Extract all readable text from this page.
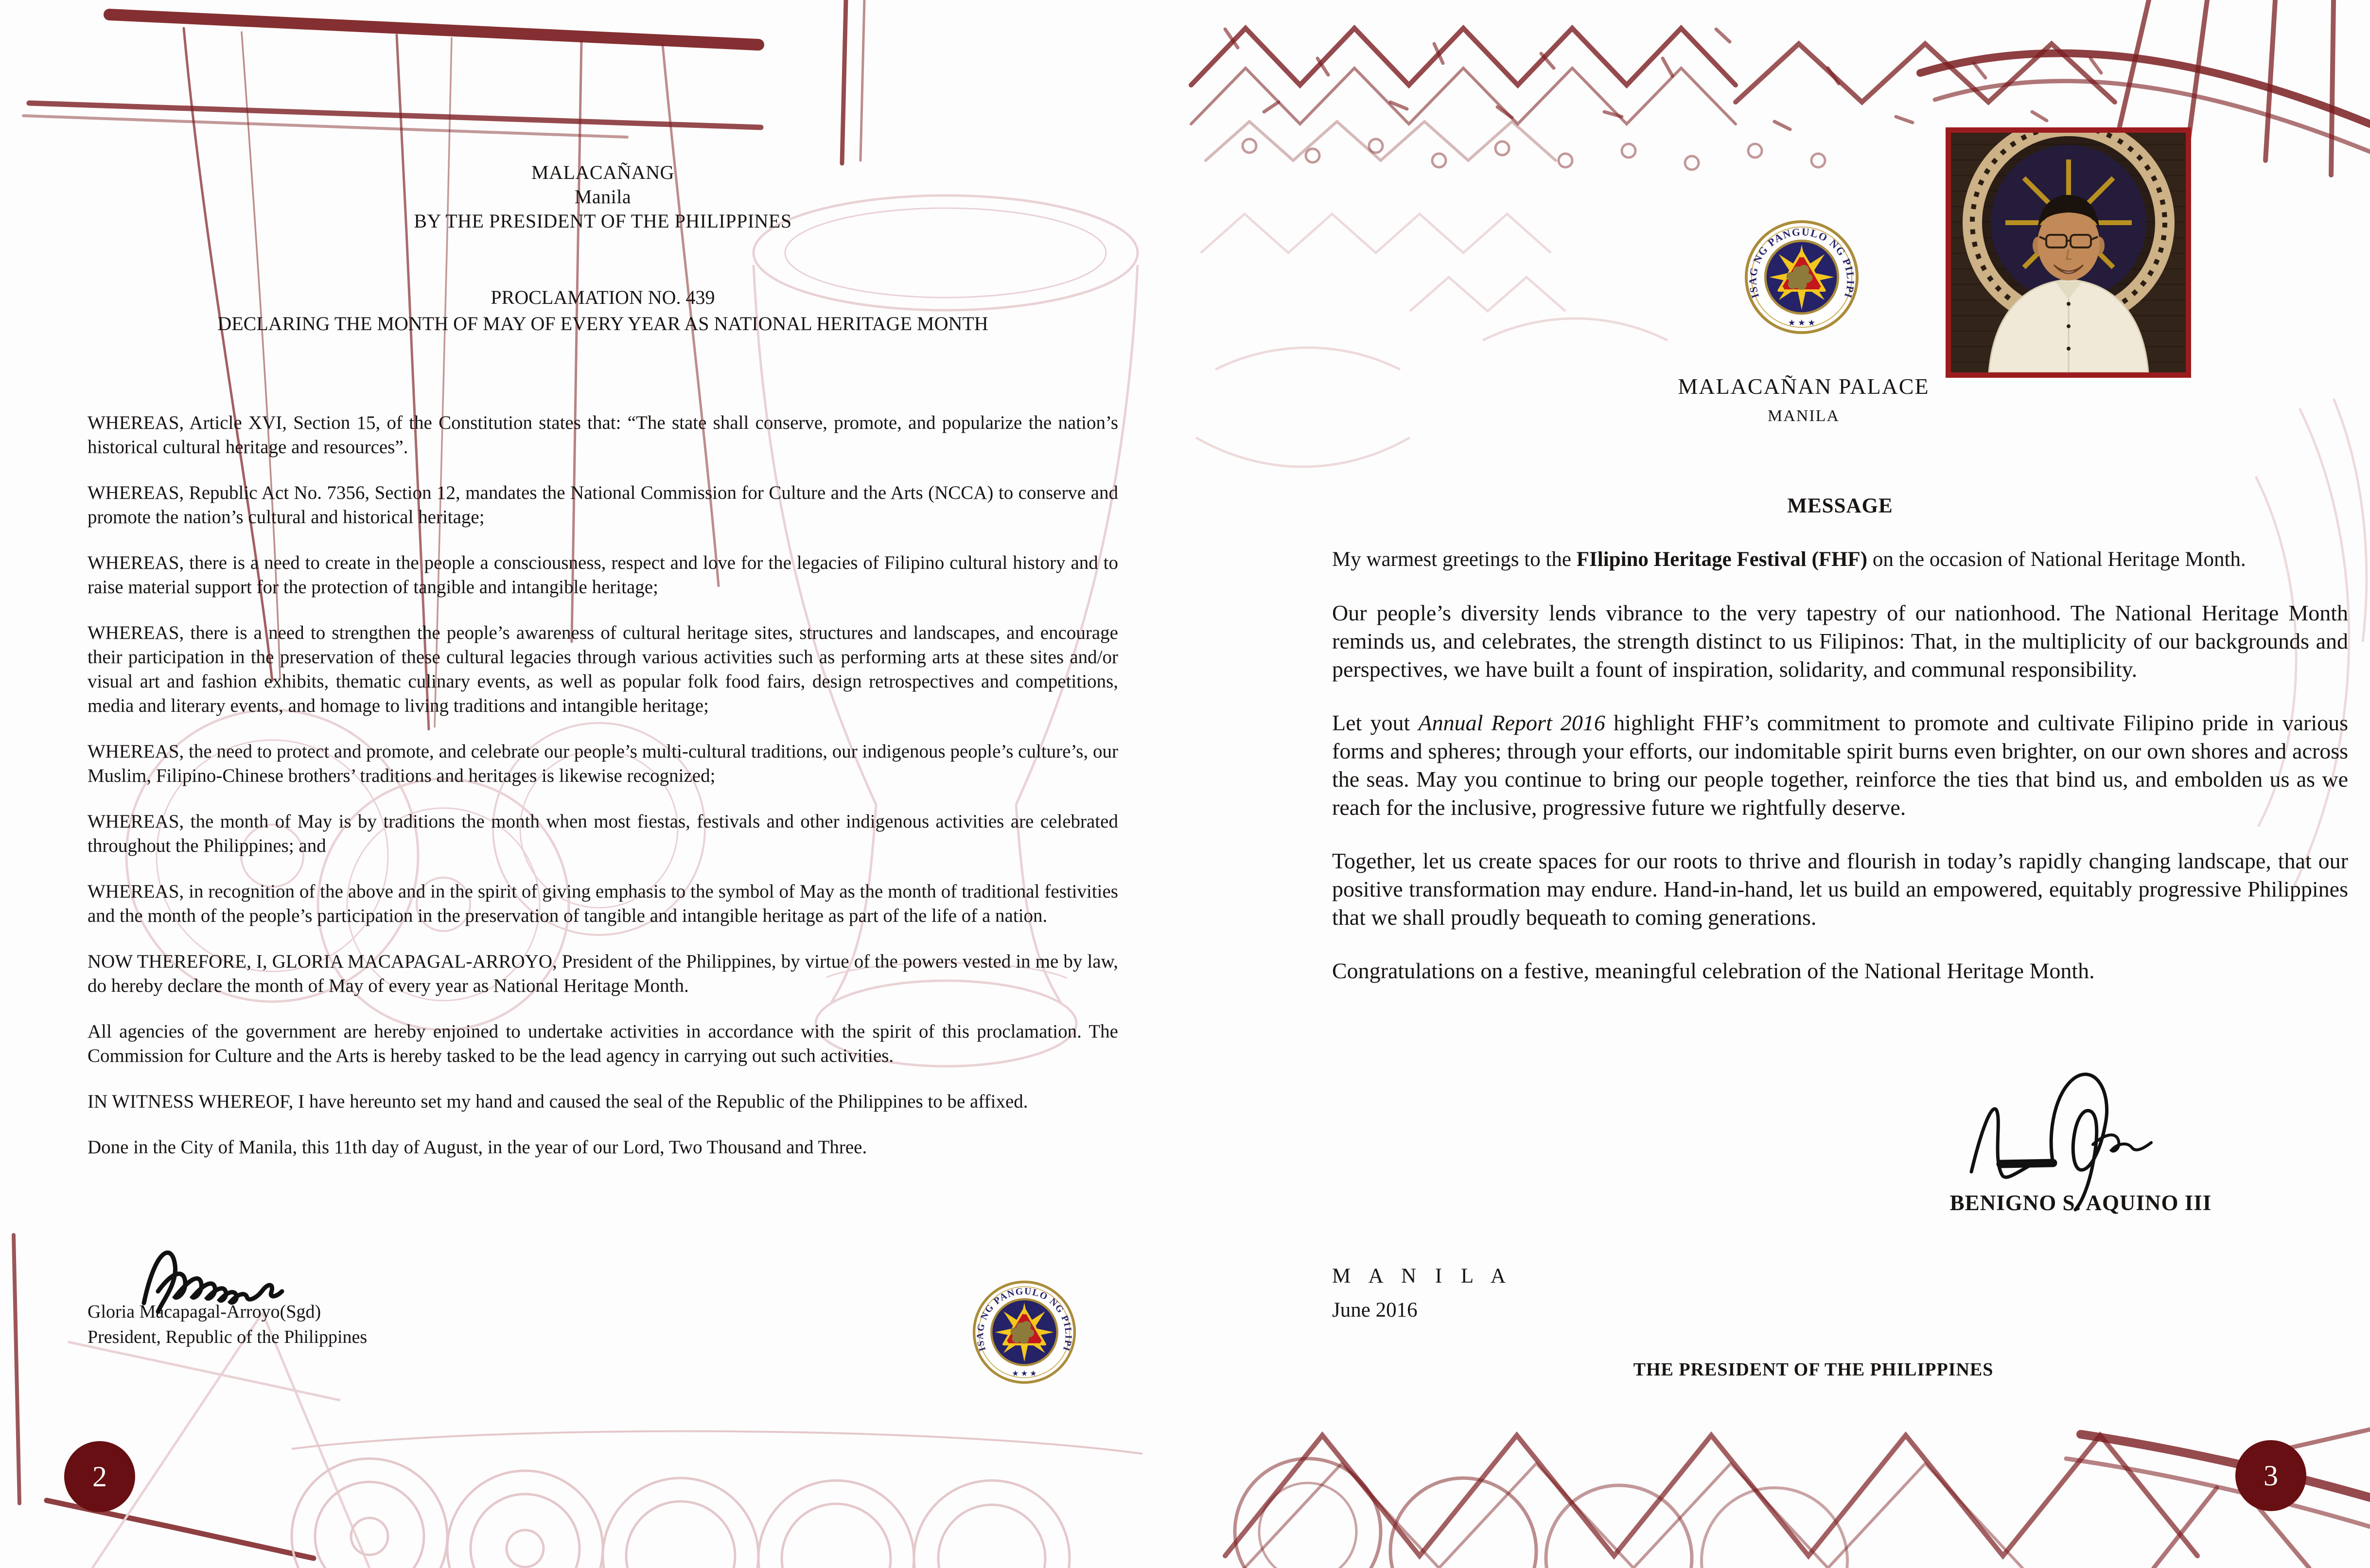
MALACAÑANG
Manila
BY THE PRESIDENT OF THE PHILIPPINES
PROCLAMATION NO. 439
DECLARING THE MONTH OF MAY OF EVERY YEAR AS NATIONAL HERITAGE MONTH

WHEREAS, Article XVI, Section 15, of the Constitution states that: “The state shall conserve, promote, and popularize the nation’s historical cultural heritage and resources”.

WHEREAS, Republic Act No. 7356, Section 12, mandates the National Commission for Culture and the Arts (NCCA) to conserve and promote the nation’s cultural and historical heritage;

WHEREAS, there is a need to create in the people a consciousness, respect and love for the legacies of Filipino cultural history and to raise material support for the protection of tangible and intangible heritage;

WHEREAS, there is a need to strengthen the people’s awareness of cultural heritage sites, structures and landscapes, and encourage their participation in the preservation of these cultural legacies through various activities such as performing arts at these sites and/or visual art and fashion exhibits, thematic culinary events, as well as popular folk food fairs, design retrospectives and competitions, media and literary events, and homage to living traditions and intangible heritage;

WHEREAS, the need to protect and promote, and celebrate our people’s multi-cultural traditions, our indigenous people’s culture’s, our Muslim, Filipino-Chinese brothers’ traditions and heritages is likewise recognized;

WHEREAS, the month of May is by traditions the month when most fiestas, festivals and other indigenous activities are celebrated throughout the Philippines; and

WHEREAS, in recognition of the above and in the spirit of giving emphasis to the symbol of May as the month of traditional festivities and the month of the people’s participation in the preservation of tangible and intangible heritage as part of the life of a nation.

NOW THEREFORE, I, GLORIA MACAPAGAL-ARROYO, President of the Philippines, by virtue of the powers vested in me by law, do hereby declare the month of May of every year as National Heritage Month.

All agencies of the government are hereby enjoined to undertake activities in accordance with the spirit of this proclamation. The Commission for Culture and the Arts is hereby tasked to be the lead agency in carrying out such activities.

IN WITNESS WHEREOF, I have hereunto set my hand and caused the seal of the Republic of the Philippines to be affixed.

Done in the City of Manila, this 11th day of August, in the year of our Lord, Two Thousand and Three.

Gloria Macapagal-Arroyo(Sgd)
President, Republic of the Philippines
2
MALACAÑAN PALACE
MANILA
MESSAGE

My warmest greetings to the FIlipino Heritage Festival (FHF) on the occasion of National Heritage Month.

Our people’s diversity lends vibrance to the very tapestry of our nationhood. The National Heritage Month reminds us, and celebrates, the strength distinct to us Filipinos: That, in the multiplicity of our backgrounds and perspectives, we have built a fount of inspiration, solidarity, and communal responsibility.

Let yout Annual Report 2016 highlight FHF’s commitment to promote and cultivate Filipino pride in various forms and spheres; through your efforts, our indomitable spirit burns even brighter, on our own shores and across the seas. May you continue to bring our people together, reinforce the ties that bind us, and embolden us as we reach for the inclusive, progressive future we rightfully deserve.

Together, let us create spaces for our roots to thrive and flourish in today’s rapidly changing landscape, that our positive transformation may endure. Hand-in-hand, let us build an empowered, equitably progressive Philippines that we shall proudly bequeath to coming generations.

Congratulations on a festive, meaningful celebration of the National Heritage Month.

BENIGNO S. AQUINO III
M A N I L A
June 2016
THE PRESIDENT OF THE PHILIPPINES
3
